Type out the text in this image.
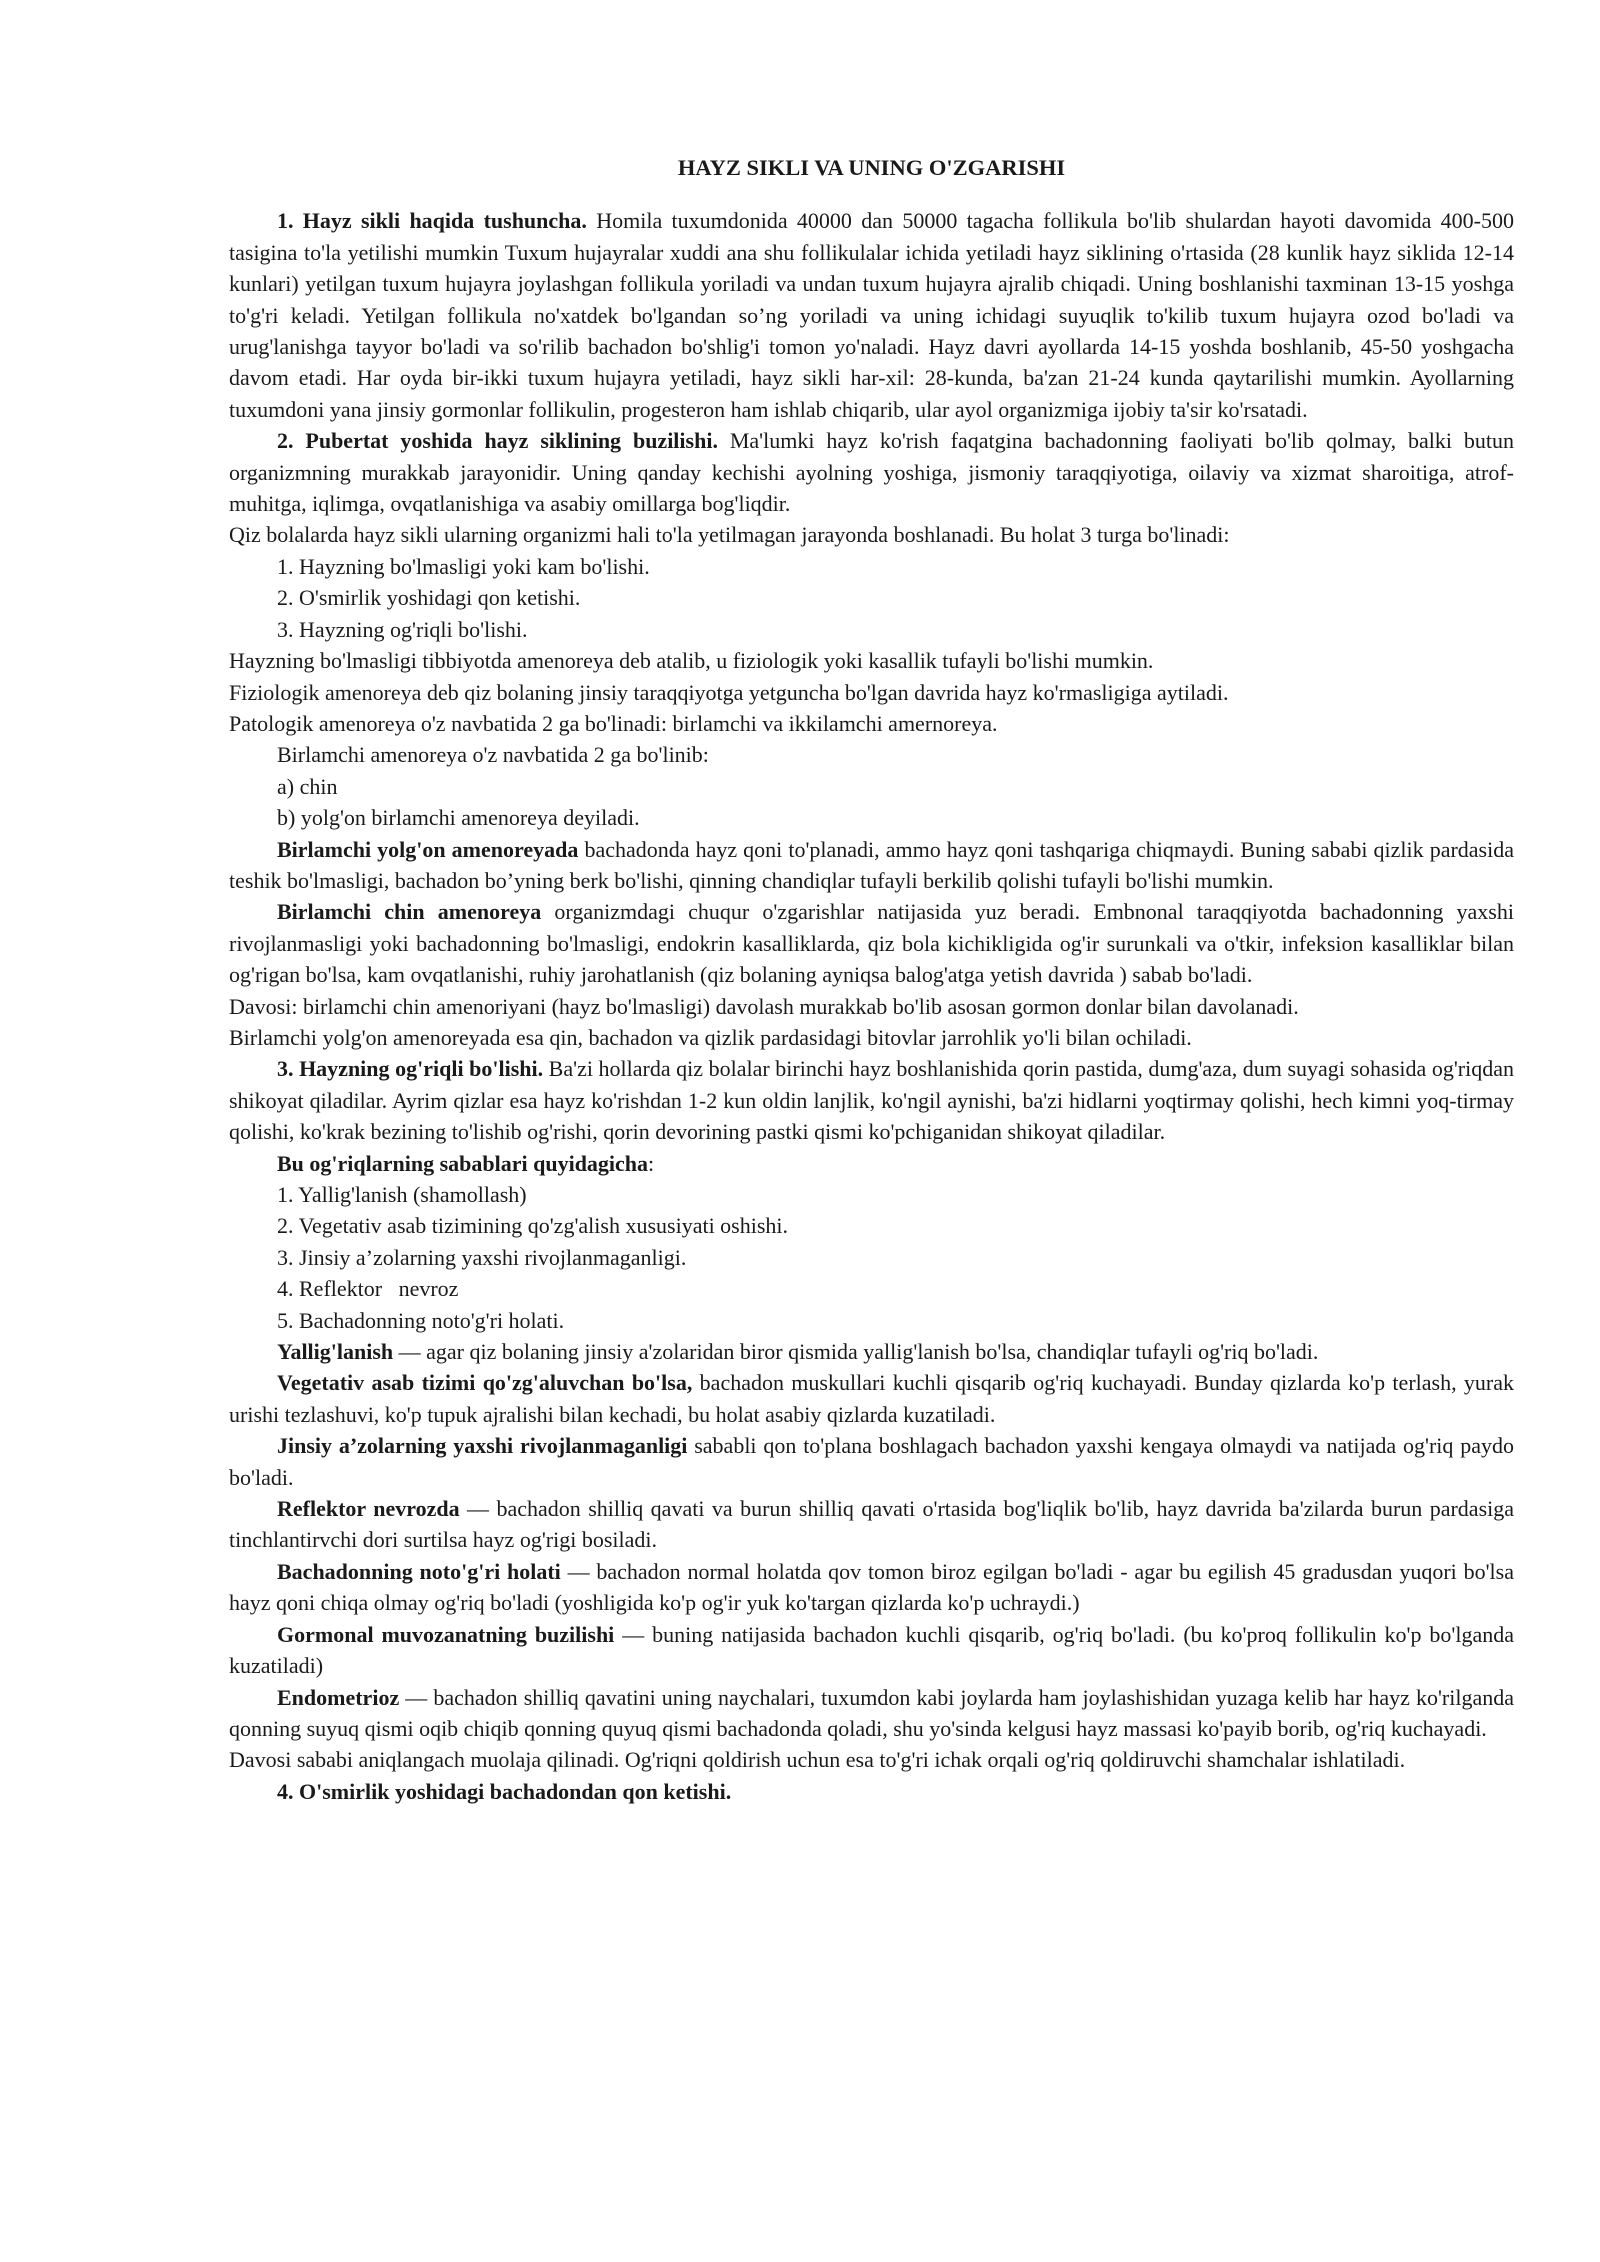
HAYZ SIKLI VA UNING O'ZGARISHI

1. Hayz sikli haqida tushuncha. Homila tuxumdonida 40000 dan 50000 tagacha follikula bo'lib shulardan hayoti davomida 400-500 tasigina to'la yetilishi mumkin Tuxum hujayralar xuddi ana shu follikulalar ichida yetiladi hayz siklining o'rtasida (28 kunlik hayz siklida 12-14 kunlari) yetilgan tuxum hujayra joylashgan follikula yoriladi va undan tuxum hujayra ajralib chiqadi. Uning boshlanishi taxminan 13-15 yoshga to'g'ri keladi. Yetilgan follikula no'xatdek bo'lgandan so’ng yoriladi va uning ichidagi suyuqlik to'kilib tuxum hujayra ozod bo'ladi va urug'lanishga tayyor bo'ladi va so'rilib bachadon bo'shlig'i tomon yo'naladi. Hayz davri ayollarda 14-15 yoshda boshlanib, 45-50 yoshgacha davom etadi. Har oyda bir-ikki tuxum hujayra yetiladi, hayz sikli har-xil: 28-kunda, ba'zan 21-24 kunda qaytarilishi mumkin. Ayollarning tuxumdoni yana jinsiy gormonlar follikulin, progesteron ham ishlab chiqarib, ular ayol organizmiga ijobiy ta'sir ko'rsatadi.

2. Pubertat yoshida hayz siklining buzilishi. Ma'lumki hayz ko'rish faqatgina bachadonning faoliyati bo'lib qolmay, balki butun organizmning murakkab jarayonidir. Uning qanday kechishi ayolning yoshiga, jismoniy taraqqiyotiga, oilaviy va xizmat sharoitiga, atrof-muhitga, iqlimga, ovqatlanishiga va asabiy omillarga bog'liqdir.

Qiz bolalarda hayz sikli ularning organizmi hali to'la yetilmagan jarayonda boshlanadi. Bu holat 3 turga bo'linadi:

1. Hayzning bo'lmasligi yoki kam bo'lishi.

2. O'smirlik yoshidagi qon ketishi.

3. Hayzning og'riqli bo'lishi.

Hayzning bo'lmasligi tibbiyotda amenoreya deb atalib, u fiziologik yoki kasallik tufayli bo'lishi mumkin.

Fiziologik amenoreya deb qiz bolaning jinsiy taraqqiyotga yetguncha bo'lgan davrida hayz ko'rmasligiga aytiladi.

Patologik amenoreya o'z navbatida 2 ga bo'linadi: birlamchi va ikkilamchi amernoreya.

Birlamchi amenoreya o'z navbatida 2 ga bo'linib:

a) chin

b) yolg'on birlamchi amenoreya deyiladi.

Birlamchi yolg'on amenoreyada bachadonda hayz qoni to'planadi, ammo hayz qoni tashqariga chiqmaydi. Buning sababi qizlik pardasida teshik bo'lmasligi, bachadon bo’yning berk bo'lishi, qinning chandiqlar tufayli berkilib qolishi tufayli bo'lishi mumkin.

Birlamchi chin amenoreya organizmdagi chuqur o'zgarishlar natijasida yuz beradi. Embnonal taraqqiyotda bachadonning yaxshi rivojlanmasligi yoki bachadonning bo'lmasligi, endokrin kasalliklarda, qiz bola kichikligida og'ir surunkali va o'tkir, infeksion kasalliklar bilan og'rigan bo'lsa, kam ovqatlanishi, ruhiy jarohatlanish (qiz bolaning ayniqsa balog'atga yetish davrida ) sabab bo'ladi.

Davosi: birlamchi chin amenoriyani (hayz bo'lmasligi) davolash murakkab bo'lib asosan gormon donlar bilan davolanadi.

Birlamchi yolg'on amenoreyada esa qin, bachadon va qizlik pardasidagi bitovlar jarrohlik yo'li bilan ochiladi.

3. Hayzning og'riqli bo'lishi. Ba'zi hollarda qiz bolalar birinchi hayz boshlanishida qorin pastida, dumg'aza, dum suyagi sohasida og'riqdan shikoyat qiladilar. Ayrim qizlar esa hayz ko'rishdan 1-2 kun oldin lanjlik, ko'ngil aynishi, ba'zi hidlarni yoqtirmay qolishi, hech kimni yoq-tirmay qolishi, ko'krak bezining to'lishib og'rishi, qorin devorining pastki qismi ko'pchiganidan shikoyat qiladilar.

Bu og'riqlarning sabablari quyidagicha:

1. Yallig'lanish (shamollash)

2. Vegetativ asab tizimining qo'zg'alish xususiyati oshishi.

3. Jinsiy a’zolarning yaxshi rivojlanmaganligi.

4. Reflektor   nevroz

5. Bachadonning noto'g'ri holati.

Yallig'lanish — agar qiz bolaning jinsiy a'zolaridan biror qismida yallig'lanish bo'lsa, chandiqlar tufayli og'riq bo'ladi.

Vegetativ asab tizimi qo'zg'aluvchan bo'lsa, bachadon muskullari kuchli qisqarib og'riq kuchayadi. Bunday qizlarda ko'p terlash, yurak urishi tezlashuvi, ko'p tupuk ajralishi bilan kechadi, bu holat asabiy qizlarda kuzatiladi.

Jinsiy a’zolarning yaxshi rivojlanmaganligi sababli qon to'plana boshlagach bachadon yaxshi kengaya olmaydi va natijada og'riq paydo bo'ladi.

Reflektor nevrozda — bachadon shilliq qavati va burun shilliq qavati o'rtasida bog'liqlik bo'lib, hayz davrida ba'zilarda burun pardasiga tinchlantirvchi dori surtilsa hayz og'rigi bosiladi.

Bachadonning noto'g'ri holati — bachadon normal holatda qov tomon biroz egilgan bo'ladi - agar bu egilish 45 gradusdan yuqori bo'lsa hayz qoni chiqa olmay og'riq bo'ladi (yoshligida ko'p og'ir yuk ko'targan qizlarda ko'p uchraydi.)

Gormonal muvozanatning buzilishi — buning natijasida bachadon kuchli qisqarib, og'riq bo'ladi. (bu ko'proq follikulin ko'p bo'lganda kuzatiladi)

Endometrioz — bachadon shilliq qavatini uning naychalari, tuxumdon kabi joylarda ham joylashishidan yuzaga kelib har hayz ko'rilganda qonning suyuq qismi oqib chiqib qonning quyuq qismi bachadonda qoladi, shu yo'sinda kelgusi hayz massasi ko'payib borib, og'riq kuchayadi.

Davosi sababi aniqlangach muolaja qilinadi. Og'riqni qoldirish uchun esa to'g'ri ichak orqali og'riq qoldiruvchi shamchalar ishlatiladi.

4. O'smirlik yoshidagi bachadondan qon ketishi.
